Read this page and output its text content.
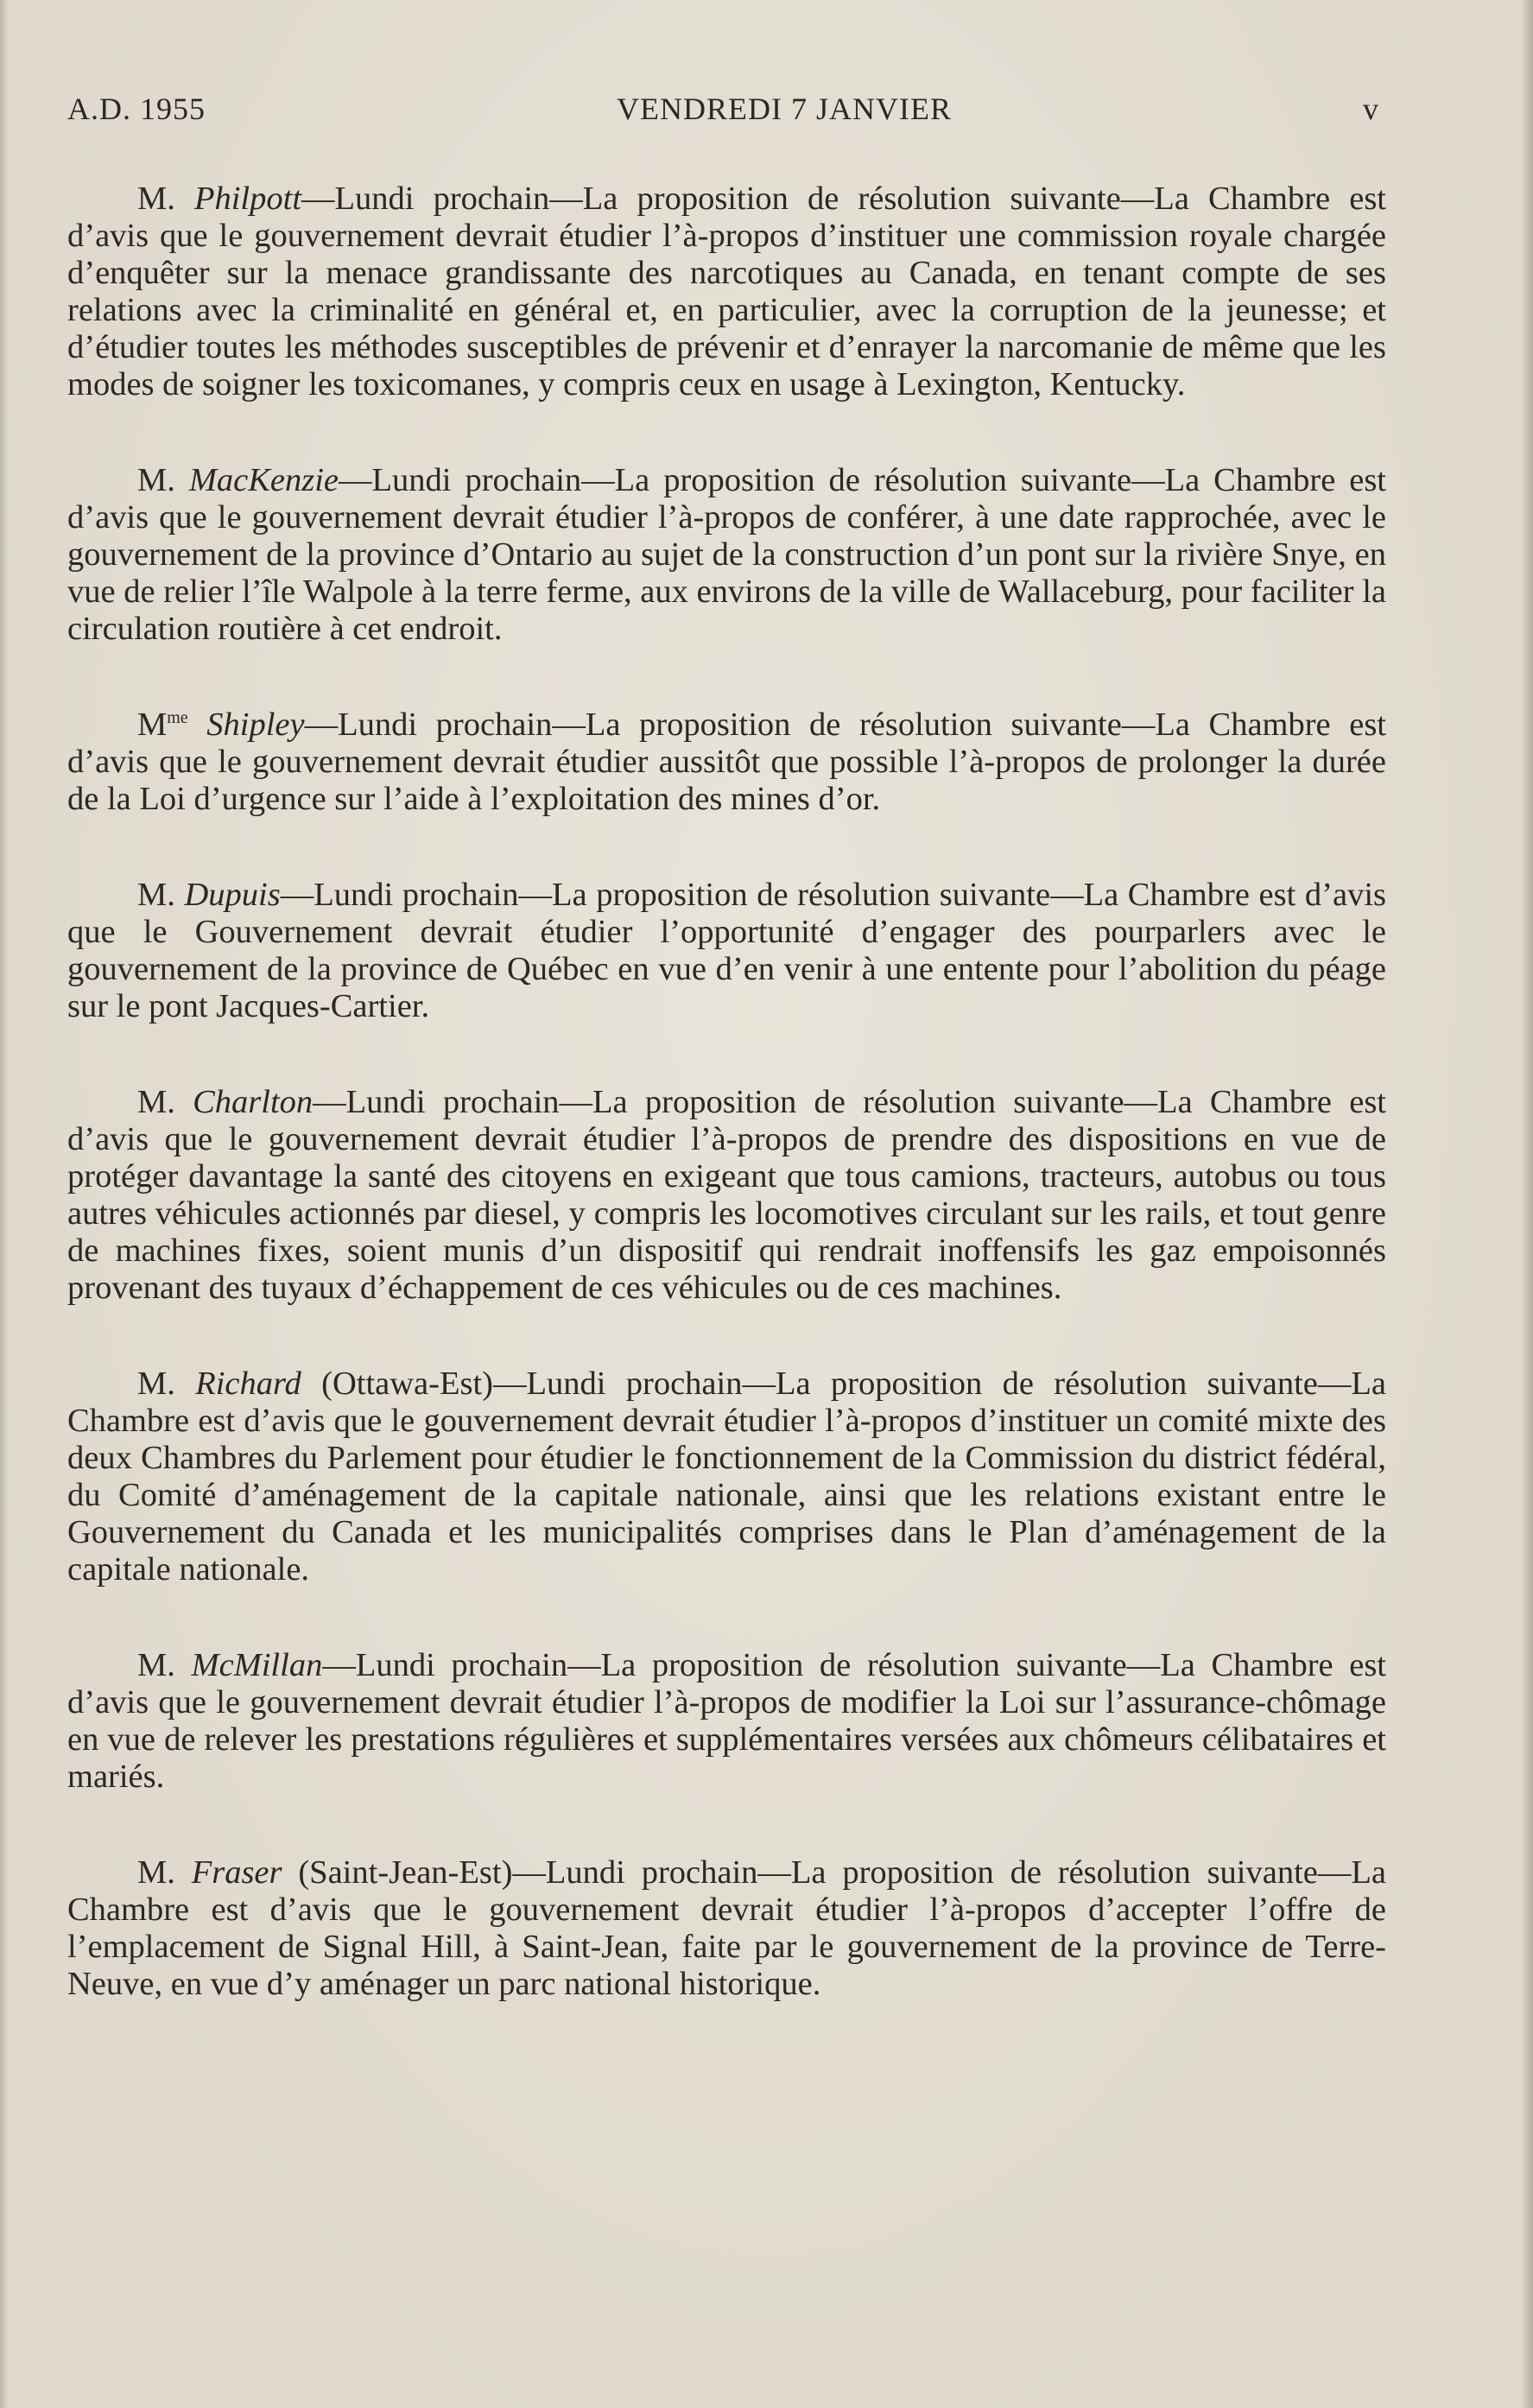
A.D. 1955	VENDREDI 7 JANVIER	v

M. Philpott—Lundi prochain—La proposition de résolution suivante—La Chambre est d’avis que le gouvernement devrait étudier l’à-propos d’instituer une commission royale chargée d’enquêter sur la menace grandissante des narcotiques au Canada, en tenant compte de ses relations avec la criminalité en général et, en particulier, avec la corruption de la jeunesse; et d’étudier toutes les méthodes susceptibles de prévenir et d’enrayer la narcomanie de même que les modes de soigner les toxicomanes, y compris ceux en usage à Lexington, Kentucky.

M. MacKenzie—Lundi prochain—La proposition de résolution suivante—La Chambre est d’avis que le gouvernement devrait étudier l’à-propos de conférer, à une date rapprochée, avec le gouvernement de la province d’Ontario au sujet de la construction d’un pont sur la rivière Snye, en vue de relier l’île Walpole à la terre ferme, aux environs de la ville de Wallaceburg, pour faciliter la circulation routière à cet endroit.

$M^{me}$ Shipley—Lundi prochain—La proposition de résolution suivante—La Chambre est d’avis que le gouvernement devrait étudier aussitôt que possible l’à-propos de prolonger la durée de la Loi d’urgence sur l’aide à l’exploitation des mines d’or.

M. Dupuis—Lundi prochain—La proposition de résolution suivante—La Chambre est d’avis que le Gouvernement devrait étudier l’opportunité d’engager des pourparlers avec le gouvernement de la province de Québec en vue d’en venir à une entente pour l’abolition du péage sur le pont Jacques-Cartier.

M. Charlton—Lundi prochain—La proposition de résolution suivante—La Chambre est d’avis que le gouvernement devrait étudier l’à-propos de prendre des dispositions en vue de protéger davantage la santé des citoyens en exigeant que tous camions, tracteurs, autobus ou tous autres véhicules actionnés par diesel, y compris les locomotives circulant sur les rails, et tout genre de machines fixes, soient munis d’un dispositif qui rendrait inoffensifs les gaz empoisonnés provenant des tuyaux d’échappement de ces véhicules ou de ces machines.

M. Richard (Ottawa-Est)—Lundi prochain—La proposition de résolution suivante—La Chambre est d’avis que le gouvernement devrait étudier l’à-propos d’instituer un comité mixte des deux Chambres du Parlement pour étudier le fonctionnement de la Commission du district fédéral, du Comité d’aménagement de la capitale nationale, ainsi que les relations existant entre le Gouvernement du Canada et les municipalités comprises dans le Plan d’aménagement de la capitale nationale.

M. McMillan—Lundi prochain—La proposition de résolution suivante—La Chambre est d’avis que le gouvernement devrait étudier l’à-propos de modifier la Loi sur l’assurance-chômage en vue de relever les prestations régulières et supplémentaires versées aux chômeurs célibataires et mariés.

M. Fraser (Saint-Jean-Est)—Lundi prochain—La proposition de résolution suivante—La Chambre est d’avis que le gouvernement devrait étudier l’à-propos d’accepter l’offre de l’emplacement de Signal Hill, à Saint-Jean, faite par le gouvernement de la province de Terre-Neuve, en vue d’y aménager un parc national historique.
